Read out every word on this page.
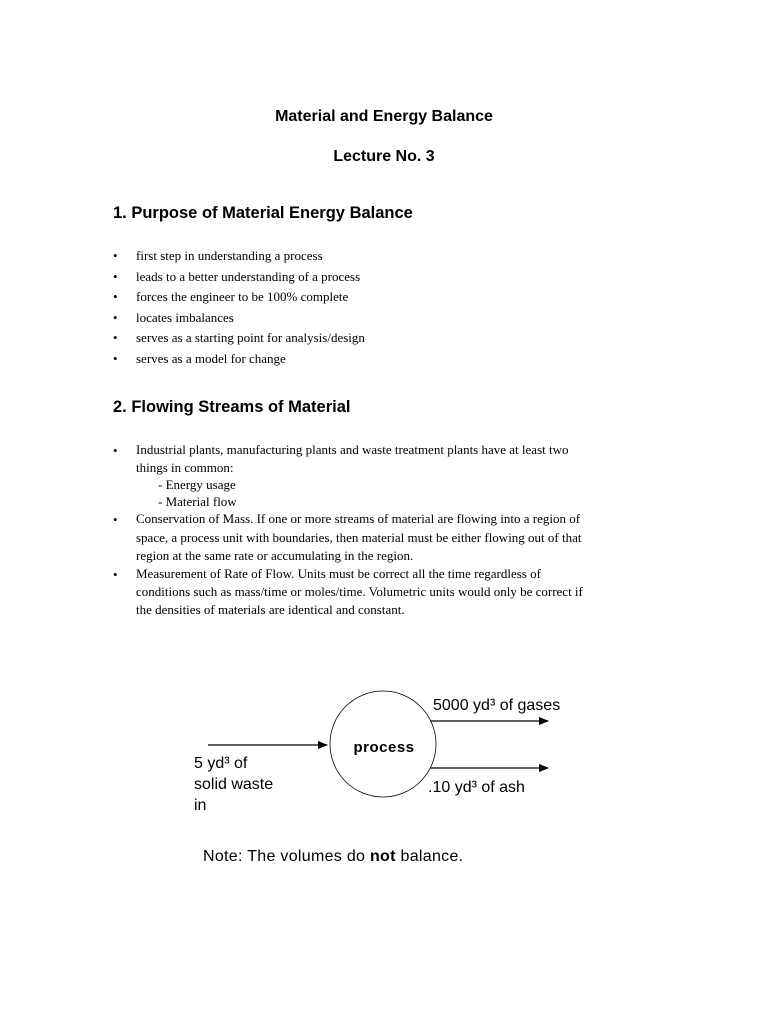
Material and Energy Balance
Lecture No. 3
1. Purpose of Material Energy Balance
• first step in understanding a process
• leads to a better understanding of a process
• forces the engineer to be 100% complete
• locates imbalances
• serves as a starting point for analysis/design
• serves as a model for change
2. Flowing Streams of Material
• Industrial plants, manufacturing plants and waste treatment plants have at least two
things in common:
- Energy usage
- Material flow
• Conservation of Mass. If one or more streams of material are flowing into a region of
space, a process unit with boundaries, then material must be either flowing out of that
region at the same rate or accumulating in the region.
• Measurement of Rate of Flow. Units must be correct all the time regardless of
conditions such as mass/time or moles/time. Volumetric units would only be correct if
the densities of materials are identical and constant.
process
5 yd³ of
solid waste
in
5000 yd³ of gases
.10 yd³ of ash
Note: The volumes do not balance.
